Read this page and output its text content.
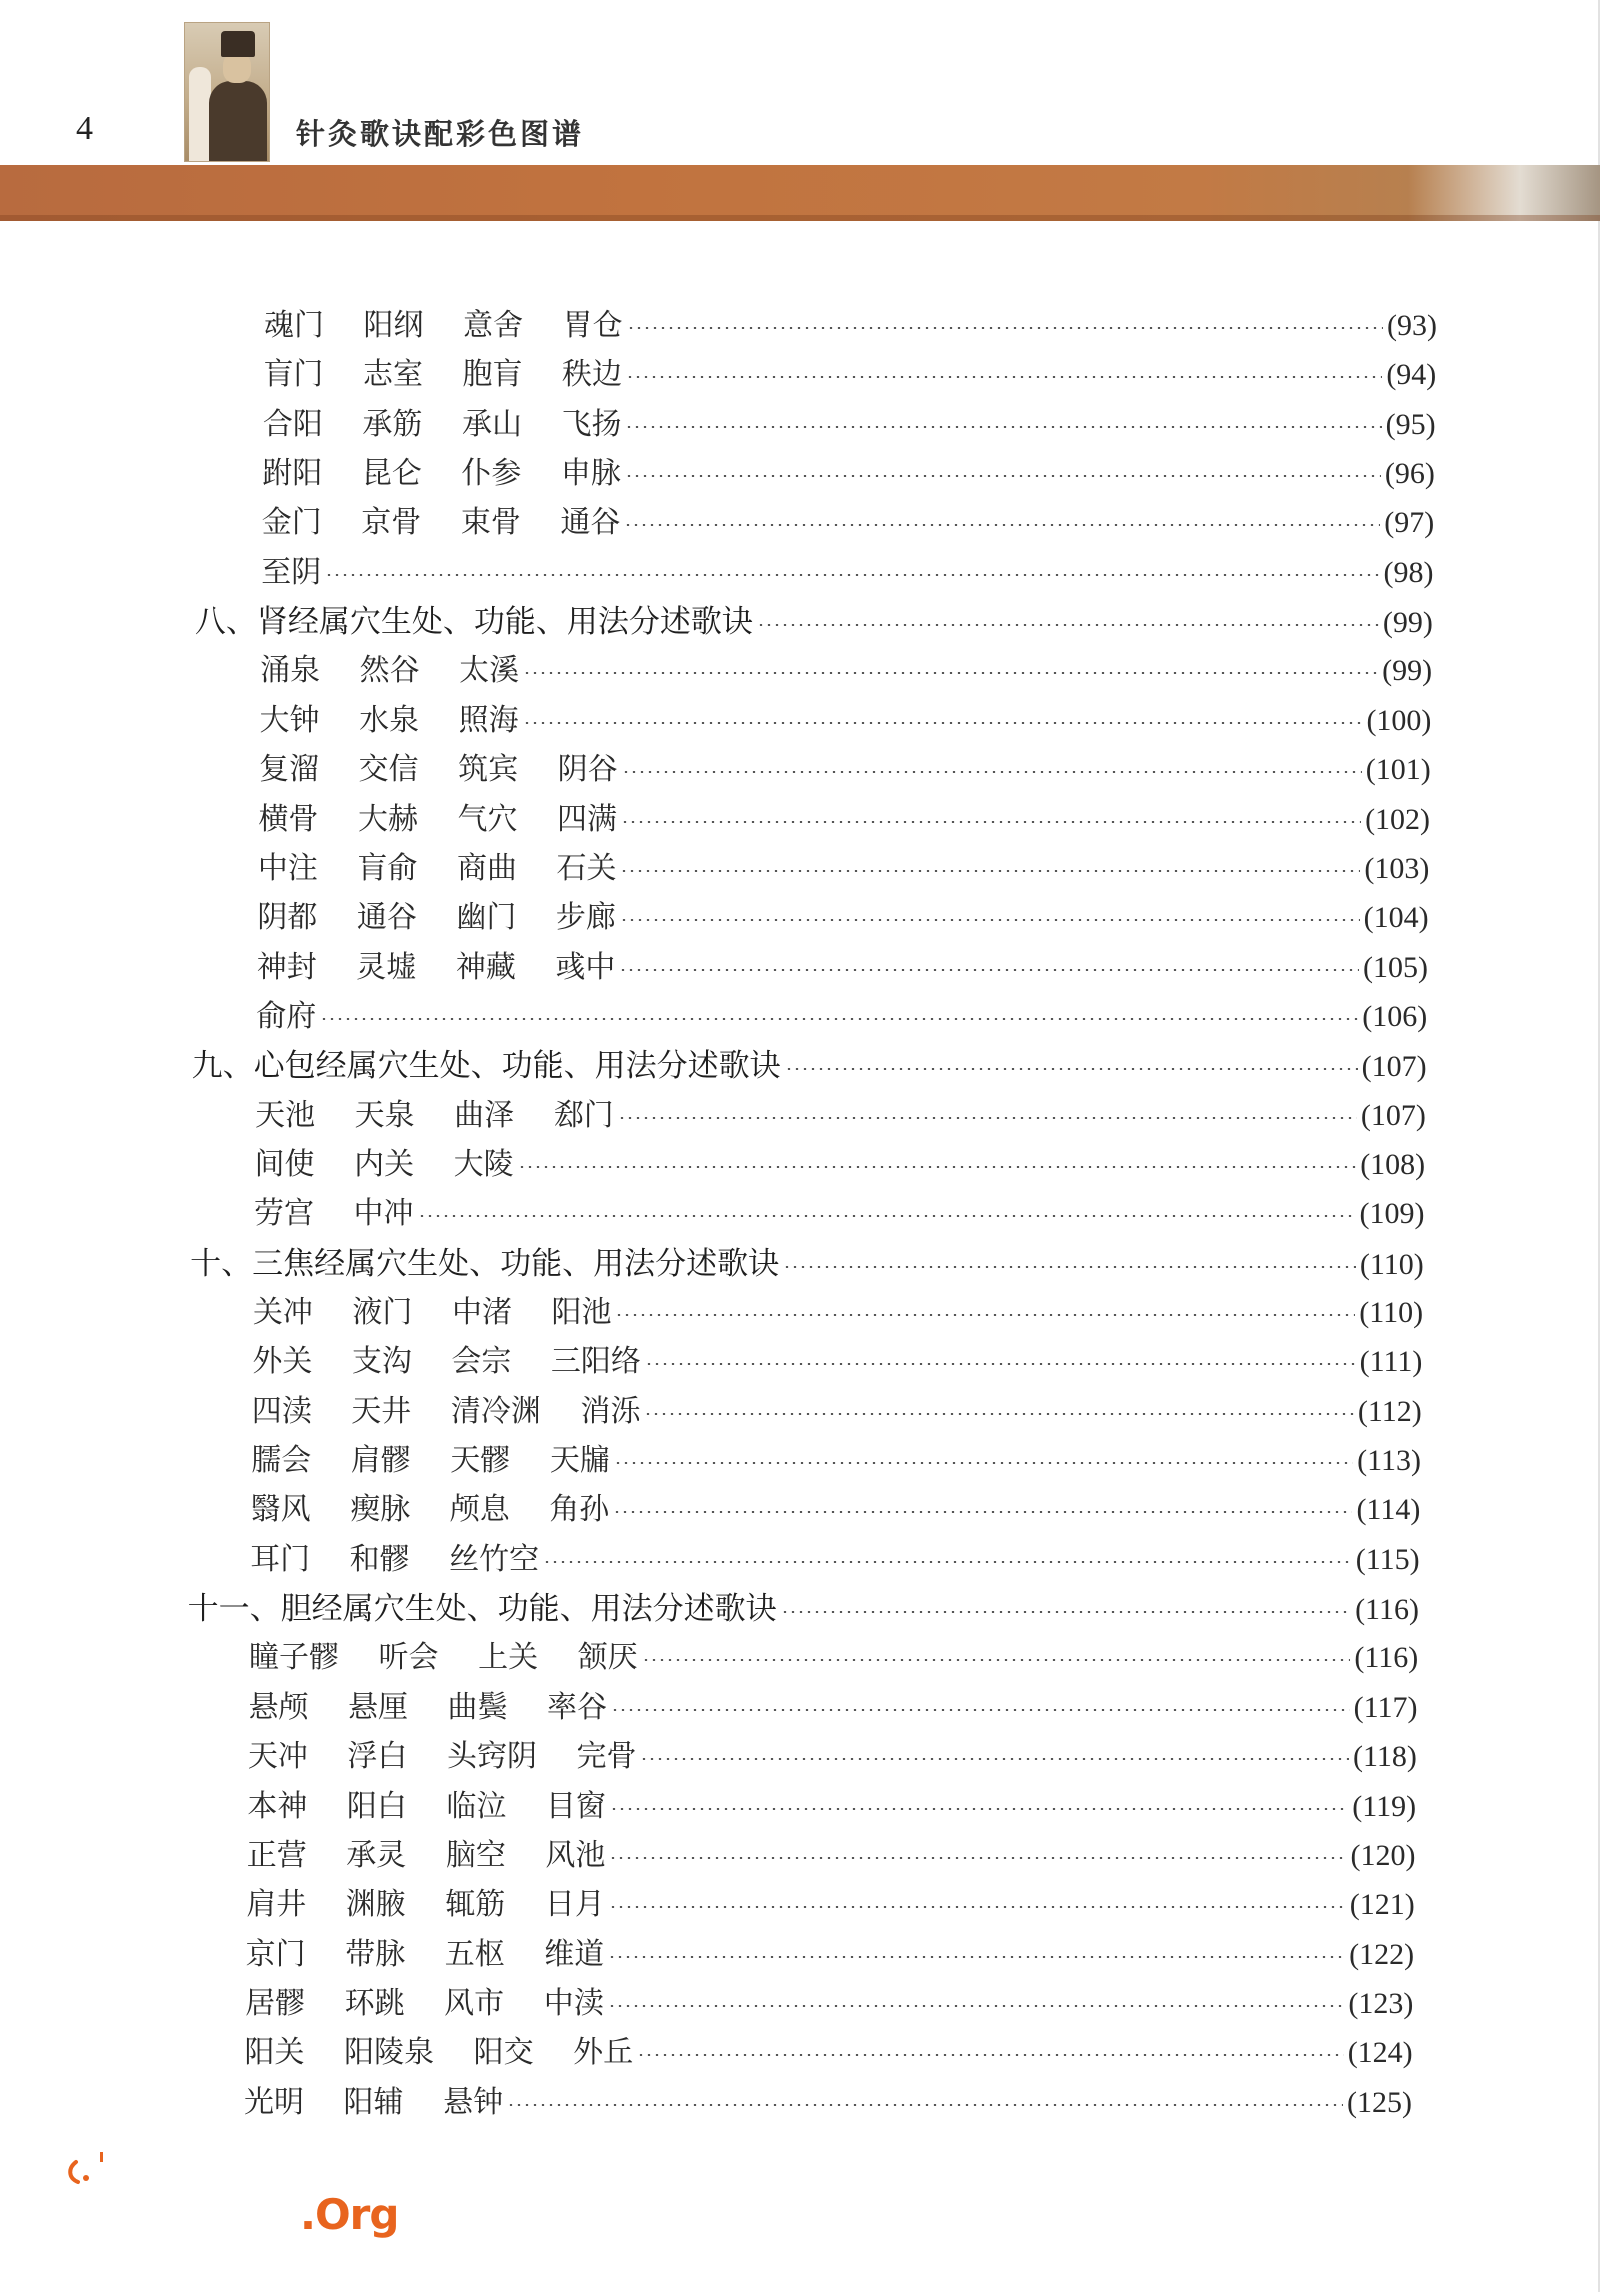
4	针灸歌诀配彩色图谱
魂门　 阳纲　 意舍　 胃仓	(93)
肓门　 志室　 胞肓　 秩边	(94)
合阳　 承筋　 承山　 飞扬	(95)
跗阳　 昆仑　 仆参　 申脉	(96)
金门　 京骨　 束骨　 通谷	(97)
至阴	(98)
八、肾经属穴生处、功能、用法分述歌诀	(99)
涌泉　 然谷　 太溪	(99)
大钟　 水泉　 照海	(100)
复溜　 交信　 筑宾　 阴谷	(101)
横骨　 大赫　 气穴　 四满	(102)
中注　 肓俞　 商曲　 石关	(103)
阴都　 通谷　 幽门　 步廊	(104)
神封　 灵墟　 神藏　 彧中	(105)
俞府	(106)
九、心包经属穴生处、功能、用法分述歌诀	(107)
天池　 天泉　 曲泽　 郄门	(107)
间使　 内关　 大陵	(108)
劳宫　 中冲	(109)
十、三焦经属穴生处、功能、用法分述歌诀	(110)
关冲　 液门　 中渚　 阳池	(110)
外关　 支沟　 会宗　 三阳络	(111)
四渎　 天井　 清冷渊　 消泺	(112)
臑会　 肩髎　 天髎　 天牖	(113)
翳风　 瘈脉　 颅息　 角孙	(114)
耳门　 和髎　 丝竹空	(115)
十一、胆经属穴生处、功能、用法分述歌诀	(116)
瞳子髎　 听会　 上关　 颔厌	(116)
悬颅　 悬厘　 曲鬓　 率谷	(117)
天冲　 浮白　 头窍阴　 完骨	(118)
本神　 阳白　 临泣　 目窗	(119)
正营　 承灵　 脑空　 风池	(120)
肩井　 渊腋　 辄筋　 日月	(121)
京门　 带脉　 五枢　 维道	(122)
居髎　 环跳　 风市　 中渎	(123)
阳关　 阳陵泉　 阳交　 外丘	(124)
光明　 阳辅　 悬钟	(125)
.Org
